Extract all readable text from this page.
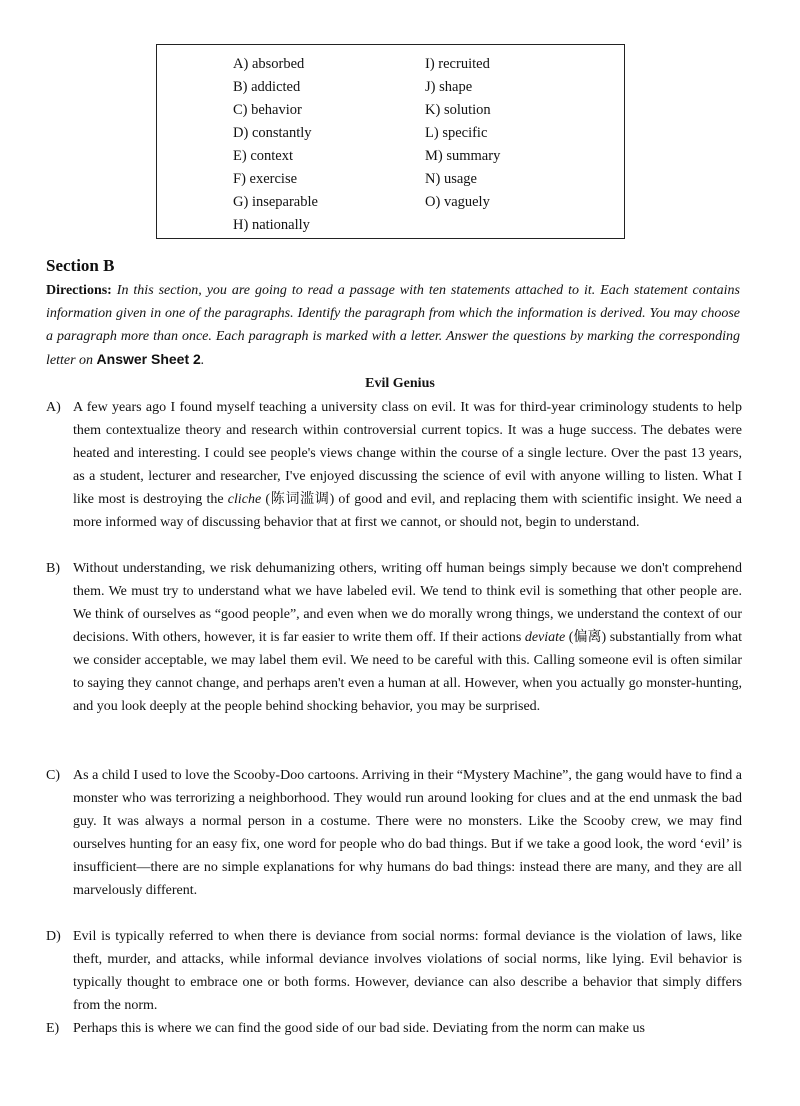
A) absorbed
B) addicted
C) behavior
D) constantly
E) context
F) exercise
G) inseparable
H) nationally
I) recruited
J) shape
K) solution
L) specific
M) summary
N) usage
O) vaguely
Section B

Directions: In this section, you are going to read a passage with ten statements attached to it. Each statement contains information given in one of the paragraphs. Identify the paragraph from which the information is derived. You may choose a paragraph more than once. Each paragraph is marked with a letter. Answer the questions by marking the corresponding letter on Answer Sheet 2.

Evil Genius

A) A few years ago I found myself teaching a university class on evil. It was for third-year criminology students to help them contextualize theory and research within controversial current topics. It was a huge success. The debates were heated and interesting. I could see people's views change within the course of a single lecture. Over the past 13 years, as a student, lecturer and researcher, I've enjoyed discussing the science of evil with anyone willing to listen. What I like most is destroying the cliche (陈词滥调) of good and evil, and replacing them with scientific insight. We need a more informed way of discussing behavior that at first we cannot, or should not, begin to understand.

B) Without understanding, we risk dehumanizing others, writing off human beings simply because we don't comprehend them. We must try to understand what we have labeled evil. We tend to think evil is something that other people are. We think of ourselves as “good people”, and even when we do morally wrong things, we understand the context of our decisions. With others, however, it is far easier to write them off. If their actions deviate (偏离) substantially from what we consider acceptable, we may label them evil. We need to be careful with this. Calling someone evil is often similar to saying they cannot change, and perhaps aren't even a human at all. However, when you actually go monster-hunting, and you look deeply at the people behind shocking behavior, you may be surprised.

C) As a child I used to love the Scooby-Doo cartoons. Arriving in their “Mystery Machine”, the gang would have to find a monster who was terrorizing a neighborhood. They would run around looking for clues and at the end unmask the bad guy. It was always a normal person in a costume. There were no monsters. Like the Scooby crew, we may find ourselves hunting for an easy fix, one word for people who do bad things. But if we take a good look, the word ‘evil’ is insufficient—there are no simple explanations for why humans do bad things: instead there are many, and they are all marvelously different.

D) Evil is typically referred to when there is deviance from social norms: formal deviance is the violation of laws, like theft, murder, and attacks, while informal deviance involves violations of social norms, like lying. Evil behavior is typically thought to embrace one or both forms. However, deviance can also describe a behavior that simply differs from the norm.

E) Perhaps this is where we can find the good side of our bad side. Deviating from the norm can make us
